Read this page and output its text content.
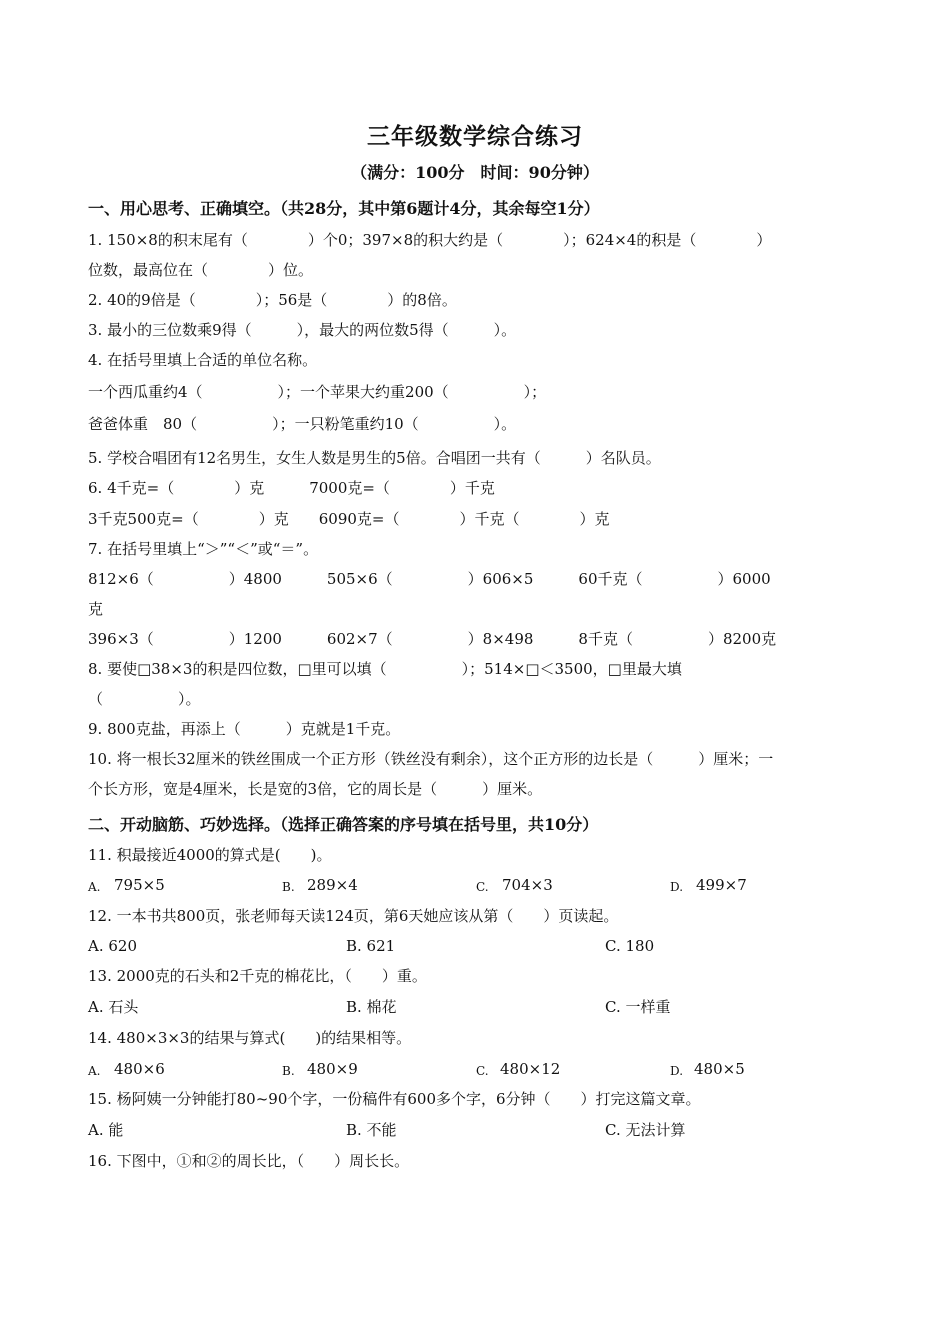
三年级数学综合练习
（满分：100分　时间：90分钟）
一、用心思考、正确填空。（共28分，其中第6题计4分，其余每空1分）
1. 150×8的积末尾有（　　　　）个0；397×8的积大约是（　　　　）；624×4的积是（　　　　）
位数，最高位在（　　　　）位。
2. 40的9倍是（　　　　）；56是（　　　　）的8倍。
3. 最小的三位数乘9得（　　　），最大的两位数5得（　　　）。
4. 在括号里填上合适的单位名称。
一个西瓜重约4（　　　　　）；一个苹果大约重200（　　　　　）；
爸爸体重　80（　　　　　）；一只粉笔重约10（　　　　　）。
5. 学校合唱团有12名男生，女生人数是男生的5倍。合唱团一共有（　　　）名队员。
6. 4千克=（　　　　）克　　　7000克=（　　　　）千克
3千克500克=（　　　　）克　　6090克=（　　　　）千克（　　　　）克
7. 在括号里填上“＞”“＜”或“＝”。
812×6（　　　　　）4800　　　505×6（　　　　　）606×5　　　60千克（　　　　　）6000
克
396×3（　　　　　）1200　　　602×7（　　　　　）8×498　　　8千克（　　　　　）8200克
8. 要使□38×3的积是四位数，□里可以填（　　　　　）；514×□＜3500，□里最大填
（　　　　　）。
9. 800克盐，再添上（　　　）克就是1千克。
10. 将一根长32厘米的铁丝围成一个正方形（铁丝没有剩余），这个正方形的边长是（　　　）厘米；一
个长方形，宽是4厘米，长是宽的3倍，它的周长是（　　　）厘米。
二、开动脑筋、巧妙选择。（选择正确答案的序号填在括号里，共10分）
11. 积最接近4000的算式是(　　)。
A. 795×5	B. 289×4	C. 704×3	D. 499×7
12. 一本书共800页，张老师每天读124页，第6天她应该从第（　　）页读起。
A. 620	B. 621	C. 180
13. 2000克的石头和2千克的棉花比，（　　）重。
A. 石头	B. 棉花	C. 一样重
14. 480×3×3的结果与算式(　　)的结果相等。
A. 480×6	B. 480×9	C. 480×12	D. 480×5
15. 杨阿姨一分钟能打80~90个字，一份稿件有600多个字，6分钟（　　）打完这篇文章。
A. 能	B. 不能	C. 无法计算
16. 下图中，①和②的周长比，（　　）周长长。
